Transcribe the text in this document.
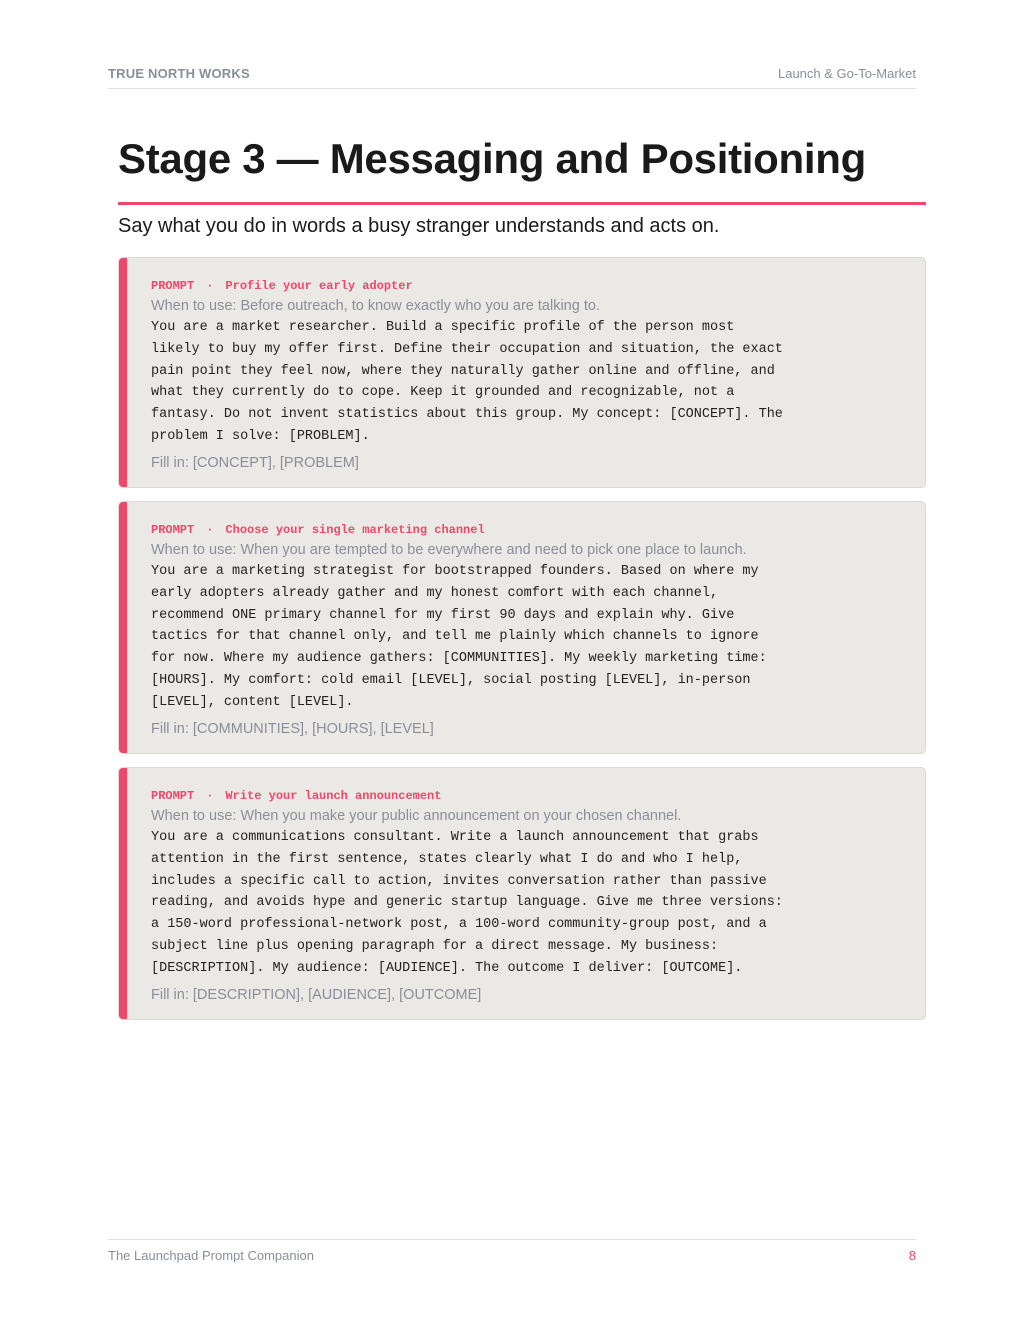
TRUE NORTH WORKS	Launch & Go-To-Market
Stage 3 — Messaging and Positioning
Say what you do in words a busy stranger understands and acts on.
PROMPT · Profile your early adopter
When to use: Before outreach, to know exactly who you are talking to.
You are a market researcher. Build a specific profile of the person most
likely to buy my offer first. Define their occupation and situation, the exact
pain point they feel now, where they naturally gather online and offline, and
what they currently do to cope. Keep it grounded and recognizable, not a
fantasy. Do not invent statistics about this group. My concept: [CONCEPT]. The
problem I solve: [PROBLEM].
Fill in: [CONCEPT], [PROBLEM]
PROMPT · Choose your single marketing channel
When to use: When you are tempted to be everywhere and need to pick one place to launch.
You are a marketing strategist for bootstrapped founders. Based on where my
early adopters already gather and my honest comfort with each channel,
recommend ONE primary channel for my first 90 days and explain why. Give
tactics for that channel only, and tell me plainly which channels to ignore
for now. Where my audience gathers: [COMMUNITIES]. My weekly marketing time:
[HOURS]. My comfort: cold email [LEVEL], social posting [LEVEL], in-person
[LEVEL], content [LEVEL].
Fill in: [COMMUNITIES], [HOURS], [LEVEL]
PROMPT · Write your launch announcement
When to use: When you make your public announcement on your chosen channel.
You are a communications consultant. Write a launch announcement that grabs
attention in the first sentence, states clearly what I do and who I help,
includes a specific call to action, invites conversation rather than passive
reading, and avoids hype and generic startup language. Give me three versions:
a 150-word professional-network post, a 100-word community-group post, and a
subject line plus opening paragraph for a direct message. My business:
[DESCRIPTION]. My audience: [AUDIENCE]. The outcome I deliver: [OUTCOME].
Fill in: [DESCRIPTION], [AUDIENCE], [OUTCOME]
The Launchpad Prompt Companion	8
